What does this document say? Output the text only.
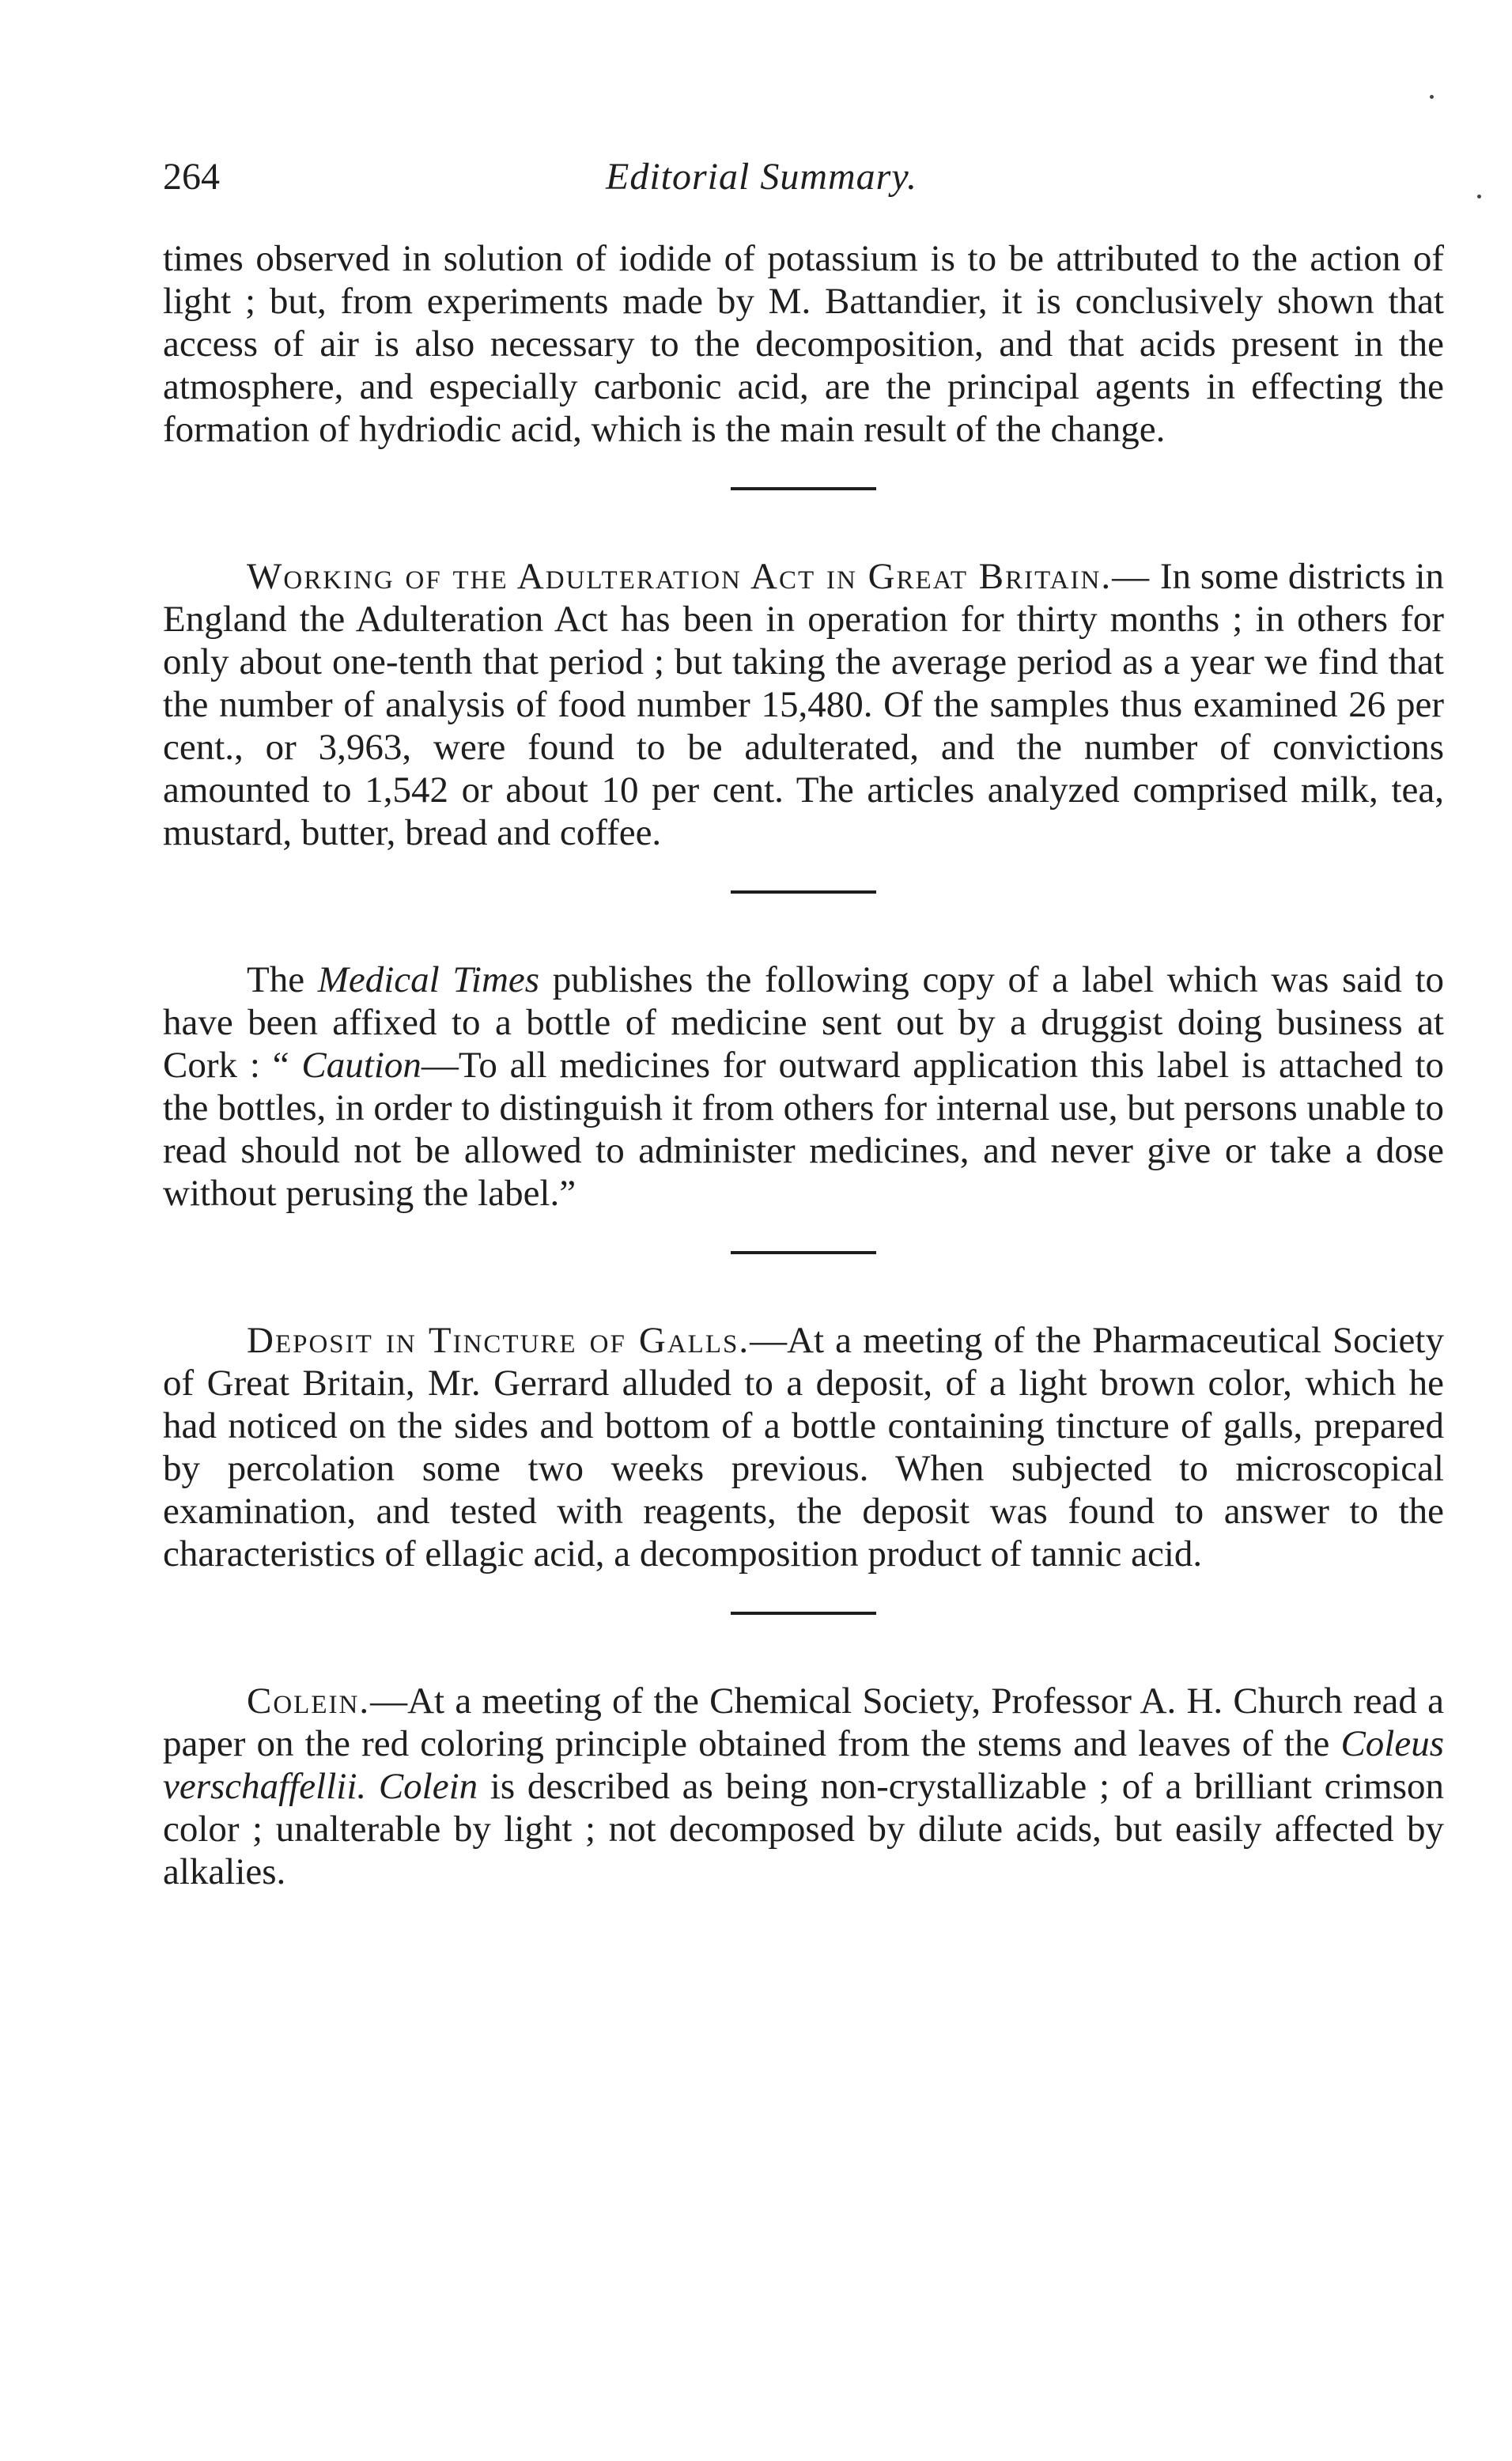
264	Editorial Summary.

times observed in solution of iodide of potassium is to be attributed to the action of light ; but, from experiments made by M. Battandier, it is conclusively shown that access of air is also necessary to the decomposition, and that acids present in the atmosphere, and especially carbonic acid, are the principal agents in effecting the formation of hydriodic acid, which is the main result of the change.

Working of the Adulteration Act in Great Britain.— In some districts in England the Adulteration Act has been in operation for thirty months ; in others for only about one-tenth that period ; but taking the average period as a year we find that the number of analysis of food number 15,480. Of the samples thus examined 26 per cent., or 3,963, were found to be adulterated, and the number of convictions amounted to 1,542 or about 10 per cent. The articles analyzed comprised milk, tea, mustard, butter, bread and coffee.

The Medical Times publishes the following copy of a label which was said to have been affixed to a bottle of medicine sent out by a druggist doing business at Cork : “ Caution—To all medicines for outward application this label is attached to the bottles, in order to distinguish it from others for internal use, but persons unable to read should not be allowed to administer medicines, and never give or take a dose without perusing the label.”

Deposit in Tincture of Galls.—At a meeting of the Pharmaceutical Society of Great Britain, Mr. Gerrard alluded to a deposit, of a light brown color, which he had noticed on the sides and bottom of a bottle containing tincture of galls, prepared by percolation some two weeks previous. When subjected to microscopical examination, and tested with reagents, the deposit was found to answer to the characteristics of ellagic acid, a decomposition product of tannic acid.

Colein.—At a meeting of the Chemical Society, Professor A. H. Church read a paper on the red coloring principle obtained from the stems and leaves of the Coleus verschaffellii. Colein is described as being non-crystallizable ; of a brilliant crimson color ; unalterable by light ; not decomposed by dilute acids, but easily affected by alkalies.
